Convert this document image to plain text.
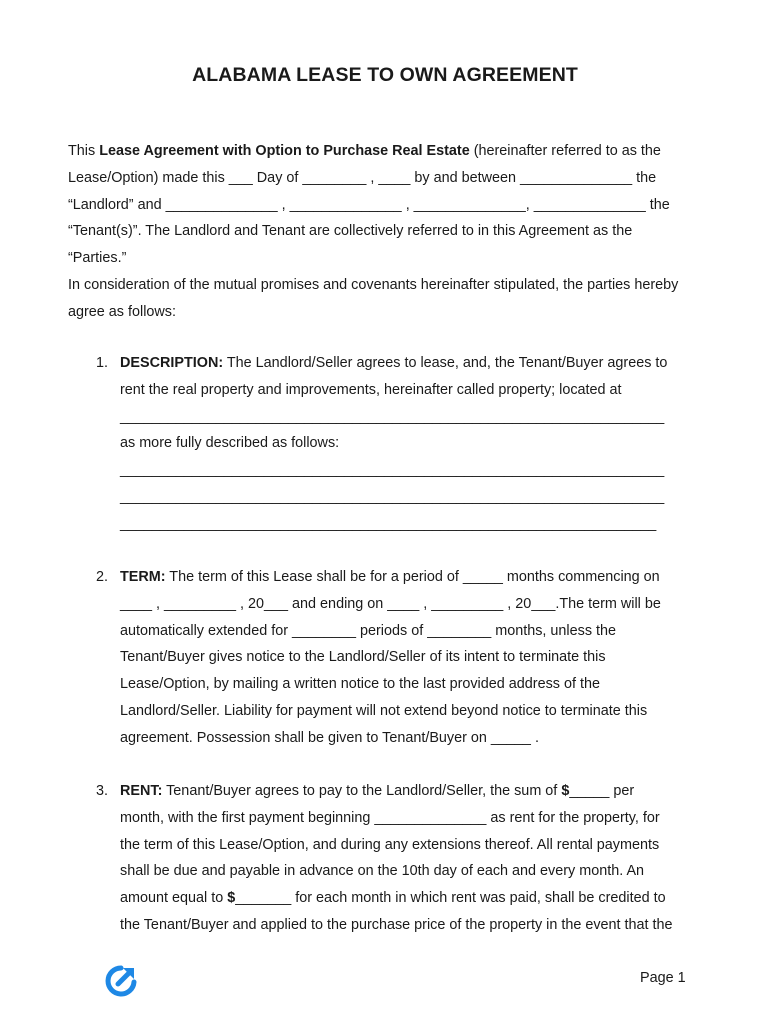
ALABAMA LEASE TO OWN AGREEMENT
This Lease Agreement with Option to Purchase Real Estate (hereinafter referred to as the
Lease/Option) made this ___ Day of ________ , ____ by and between ______________ the
“Landlord” and ______________ , ______________ , ______________, ______________ the
“Tenant(s)”. The Landlord and Tenant are collectively referred to in this Agreement as the
“Parties.”
In consideration of the mutual promises and covenants hereinafter stipulated, the parties hereby
agree as follows:
1. DESCRIPTION: The Landlord/Seller agrees to lease, and, the Tenant/Buyer agrees to
rent the real property and improvements, hereinafter called property; located at
____________________________________________________________________
as more fully described as follows:
____________________________________________________________________
____________________________________________________________________
___________________________________________________________________
2. TERM: The term of this Lease shall be for a period of _____ months commencing on
____ , _________ , 20___ and ending on ____ , _________ , 20___.The term will be
automatically extended for ________ periods of ________ months, unless the
Tenant/Buyer gives notice to the Landlord/Seller of its intent to terminate this
Lease/Option, by mailing a written notice to the last provided address of the
Landlord/Seller. Liability for payment will not extend beyond notice to terminate this
agreement. Possession shall be given to Tenant/Buyer on _____ .
3. RENT: Tenant/Buyer agrees to pay to the Landlord/Seller, the sum of $_____ per
month, with the first payment beginning ______________ as rent for the property, for
the term of this Lease/Option, and during any extensions thereof. All rental payments
shall be due and payable in advance on the 10th day of each and every month. An
amount equal to $_______ for each month in which rent was paid, shall be credited to
the Tenant/Buyer and applied to the purchase price of the property in the event that the
Page 1
